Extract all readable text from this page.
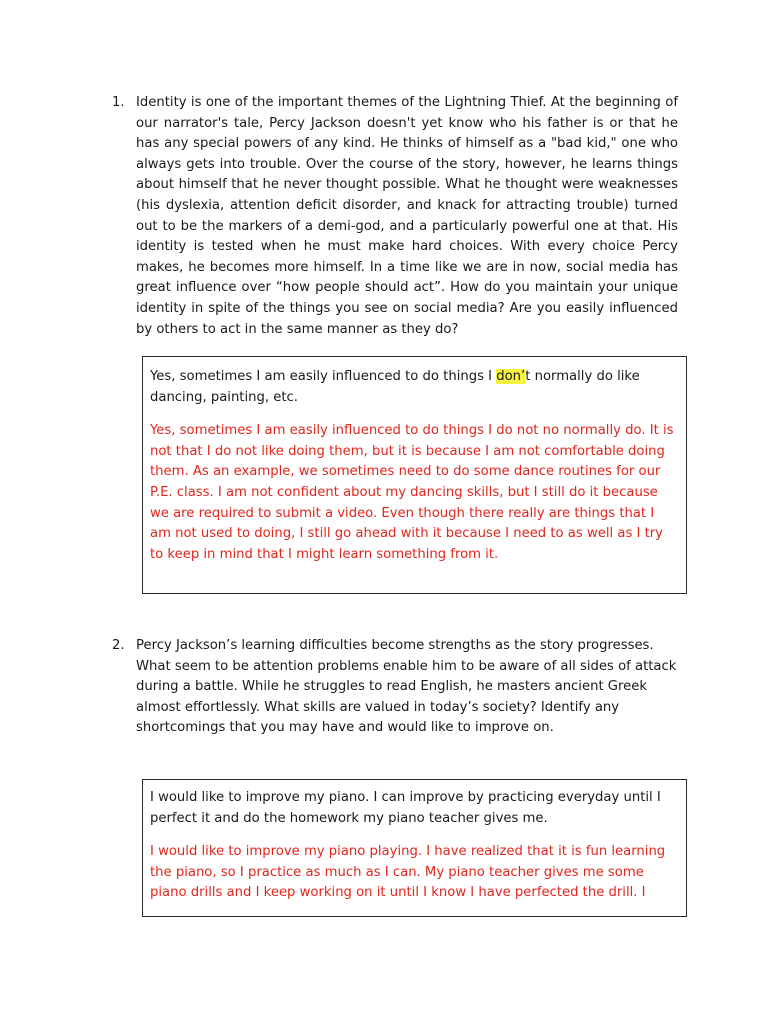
1. Identity is one of the important themes of the Lightning Thief. At the beginning of our narrator's tale, Percy Jackson doesn't yet know who his father is or that he has any special powers of any kind. He thinks of himself as a "bad kid," one who always gets into trouble. Over the course of the story, however, he learns things about himself that he never thought possible. What he thought were weaknesses (his dyslexia, attention deficit disorder, and knack for attracting trouble) turned out to be the markers of a demi-god, and a particularly powerful one at that. His identity is tested when he must make hard choices. With every choice Percy makes, he becomes more himself. In a time like we are in now, social media has great influence over “how people should act”. How do you maintain your unique identity in spite of the things you see on social media? Are you easily influenced by others to act in the same manner as they do?

Yes, sometimes I am easily influenced to do things I don’t normally do like dancing, painting, etc.
Yes, sometimes I am easily influenced to do things I do not no normally do. It is not that I do not like doing them, but it is because I am not comfortable doing them. As an example, we sometimes need to do some dance routines for our P.E. class. I am not confident about my dancing skills, but I still do it because we are required to submit a video. Even though there really are things that I am not used to doing, I still go ahead with it because I need to as well as I try to keep in mind that I might learn something from it.
2. Percy Jackson’s learning difficulties become strengths as the story progresses. What seem to be attention problems enable him to be aware of all sides of attack during a battle. While he struggles to read English, he masters ancient Greek almost effortlessly. What skills are valued in today’s society? Identify any shortcomings that you may have and would like to improve on.

I would like to improve my piano. I can improve by practicing everyday until I perfect it and do the homework my piano teacher gives me.
I would like to improve my piano playing. I have realized that it is fun learning the piano, so I practice as much as I can. My piano teacher gives me some piano drills and I keep working on it until I know I have perfected the drill. I
